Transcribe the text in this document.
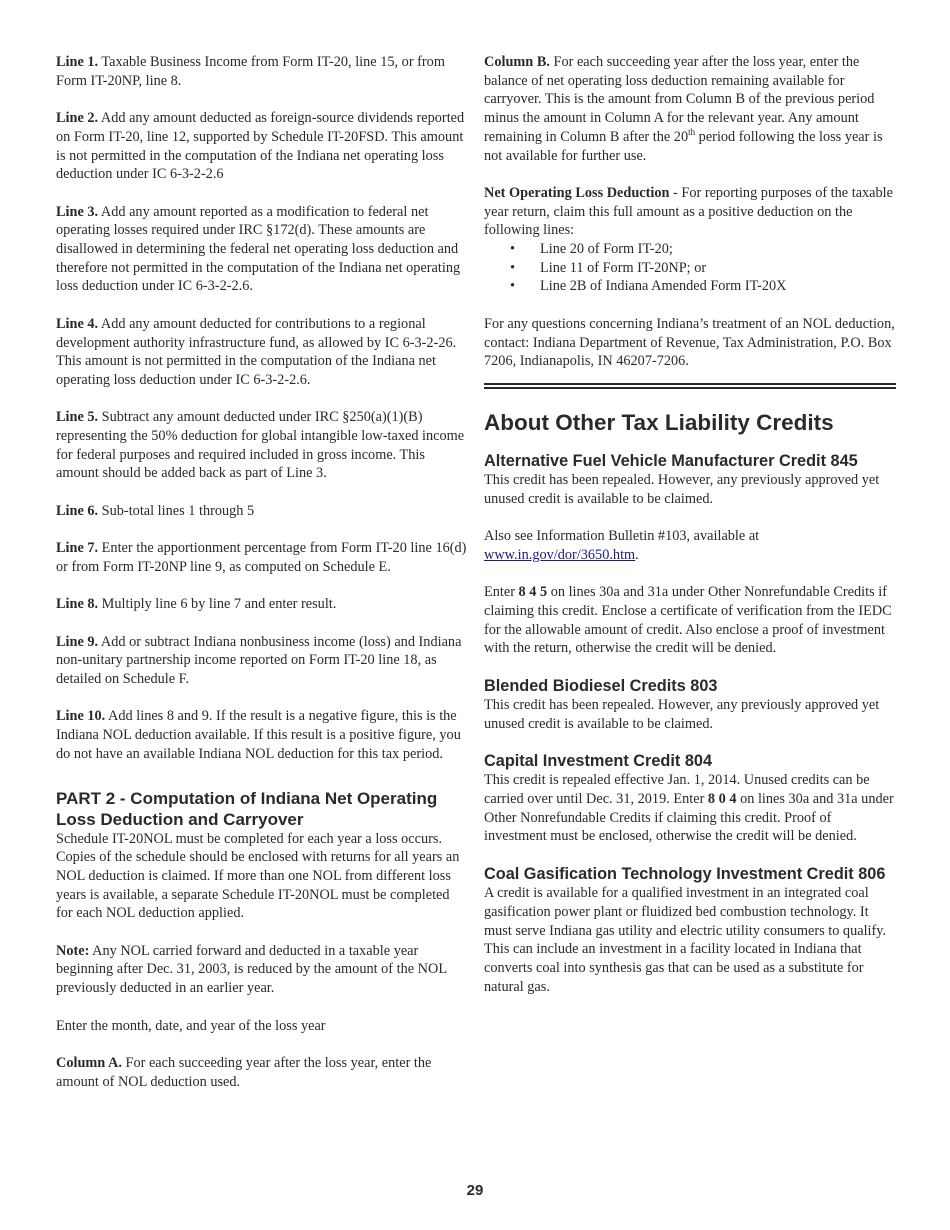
Line 1. Taxable Business Income from Form IT-20, line 15, or from Form IT-20NP, line 8.

Line 2. Add any amount deducted as foreign-source dividends reported on Form IT-20, line 12, supported by Schedule IT-20FSD. This amount is not permitted in the computation of the Indiana net operating loss deduction under IC 6-3-2-2.6

Line 3. Add any amount reported as a modification to federal net operating losses required under IRC §172(d). These amounts are disallowed in determining the federal net operating loss deduction and therefore not permitted in the computation of the Indiana net operating loss deduction under IC 6-3-2-2.6.

Line 4. Add any amount deducted for contributions to a regional development authority infrastructure fund, as allowed by IC 6-3-2-26. This amount is not permitted in the computation of the Indiana net operating loss deduction under IC 6-3-2-2.6.

Line 5. Subtract any amount deducted under IRC §250(a)(1)(B) representing the 50% deduction for global intangible low-taxed income for federal purposes and required included in gross income. This amount should be added back as part of Line 3.

Line 6. Sub-total lines 1 through 5

Line 7. Enter the apportionment percentage from Form IT-20 line 16(d) or from Form IT-20NP line 9, as computed on Schedule E.

Line 8. Multiply line 6 by line 7 and enter result.

Line 9. Add or subtract Indiana nonbusiness income (loss) and Indiana non-unitary partnership income reported on Form IT-20 line 18, as detailed on Schedule F.

Line 10. Add lines 8 and 9. If the result is a negative figure, this is the Indiana NOL deduction available. If this result is a positive figure, you do not have an available Indiana NOL deduction for this tax period.

PART 2 - Computation of Indiana Net Operating Loss Deduction and Carryover

Schedule IT-20NOL must be completed for each year a loss occurs. Copies of the schedule should be enclosed with returns for all years an NOL deduction is claimed. If more than one NOL from different loss years is available, a separate Schedule IT-20NOL must be completed for each NOL deduction applied.

Note: Any NOL carried forward and deducted in a taxable year beginning after Dec. 31, 2003, is reduced by the amount of the NOL previously deducted in an earlier year.

Enter the month, date, and year of the loss year

Column A. For each succeeding year after the loss year, enter the amount of NOL deduction used.

Column B. For each succeeding year after the loss year, enter the balance of net operating loss deduction remaining available for carryover. This is the amount from Column B of the previous period minus the amount in Column A for the relevant year. Any amount remaining in Column B after the 20th period following the loss year is not available for further use.

Net Operating Loss Deduction - For reporting purposes of the taxable year return, claim this full amount as a positive deduction on the following lines:

• Line 20 of Form IT-20;
• Line 11 of Form IT-20NP; or
• Line 2B of Indiana Amended Form IT-20X

For any questions concerning Indiana’s treatment of an NOL deduction, contact: Indiana Department of Revenue, Tax Administration, P.O. Box 7206, Indianapolis, IN 46207-7206.

About Other Tax Liability Credits
Alternative Fuel Vehicle Manufacturer Credit 845

This credit has been repealed. However, any previously approved yet unused credit is available to be claimed.

Also see Information Bulletin #103, available at
www.in.gov/dor/3650.htm.

Enter 8 4 5 on lines 30a and 31a under Other Nonrefundable Credits if claiming this credit. Enclose a certificate of verification from the IEDC for the allowable amount of credit. Also enclose a proof of investment with the return, otherwise the credit will be denied.

Blended Biodiesel Credits 803

This credit has been repealed. However, any previously approved yet unused credit is available to be claimed.

Capital Investment Credit 804

This credit is repealed effective Jan. 1, 2014. Unused credits can be carried over until Dec. 31, 2019. Enter 8 0 4 on lines 30a and 31a under Other Nonrefundable Credits if claiming this credit. Proof of investment must be enclosed, otherwise the credit will be denied.

Coal Gasification Technology Investment Credit 806

A credit is available for a qualified investment in an integrated coal gasification power plant or fluidized bed combustion technology. It must serve Indiana gas utility and electric utility consumers to qualify. This can include an investment in a facility located in Indiana that converts coal into synthesis gas that can be used as a substitute for natural gas.

29
